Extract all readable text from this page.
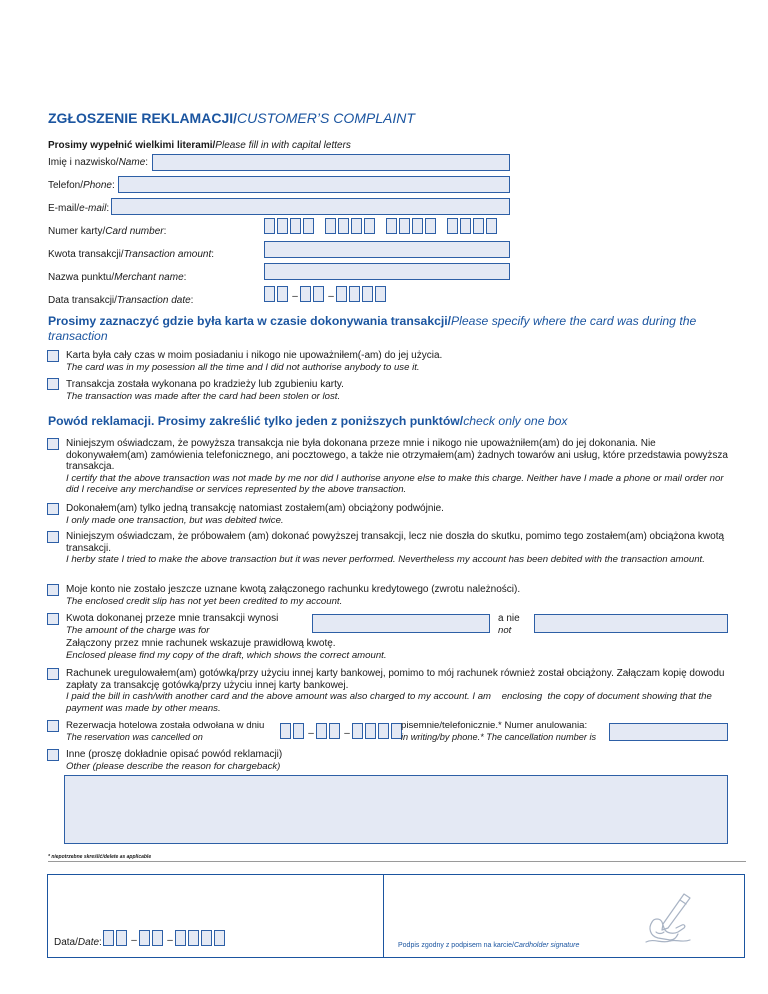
ZGŁOSZENIE REKLAMACJI/CUSTOMER’S COMPLAINT
Prosimy wypełnić wielkimi literami/Please fill in with capital letters
Imię i nazwisko/Name:
Telefon/Phone:
E-mail/e-mail:
Numer karty/Card number:
Kwota transakcji/Transaction amount:
Nazwa punktu/Merchant name:
Data transakcji/Transaction date:	–	–
Prosimy zaznaczyć gdzie była karta w czasie dokonywania transakcji/Please specify where the card was during the transaction
Karta była cały czas w moim posiadaniu i nikogo nie upoważniłem(-am) do jej użycia.
The card was in my posession all the time and I did not authorise anybody to use it.
Transakcja została wykonana po kradzieży lub zgubieniu karty.
The transaction was made after the card had been stolen or lost.
Powód reklamacji. Prosimy zakreślić tylko jeden z poniższych punktów/check only one box
Niniejszym oświadczam, że powyższa transakcja nie była dokonana przeze mnie i nikogo nie upoważniłem(am) do jej dokonania. Nie dokonywałem(am) zamówienia telefonicznego, ani pocztowego, a także nie otrzymałem(am) żadnych towarów ani usług, które przedstawia powyższa transakcja.
I certify that the above transaction was not made by me nor did I authorise anyone else to make this charge. Neither have I made a phone or mail order nor did I receive any merchandise or services represented by the above transaction.
Dokonałem(am) tylko jedną transakcję natomiast zostałem(am) obciążony podwójnie.
I only made one transaction, but was debited twice.
Niniejszym oświadczam, że próbowałem (am) dokonać powyższej transakcji, lecz nie doszła do skutku, pomimo tego zostałem(am) obciążona kwotą transakcji.
I herby state I tried to make the above transaction but it was never performed. Nevertheless my account has been debited with the transaction amount.
Moje konto nie zostało jeszcze uznane kwotą załączonego rachunku kredytowego (zwrotu należności).
The enclosed credit slip has not yet been credited to my account.
Kwota dokonanej przeze mnie transakcji wynosi
The amount of the charge was for
a nie
not
Załączony przez mnie rachunek wskazuje prawidłową kwotę.
Enclosed please find my copy of the draft, which shows the correct amount.
Rachunek uregulowałem(am) gotówką/przy użyciu innej karty bankowej, pomimo to mój rachunek również został obciążony. Załączam kopię dowodu zapłaty za transakcję gotówką/przy użyciu innej karty bankowej.
I paid the bill in cash/with another card and the above amount was also charged to my account. I am    enclosing  the copy of document showing that the payment was made by other means.
Rezerwacja hotelowa została odwołana w dniu
The reservation was cancelled on	–	–
pisemnie/telefonicznie.* Numer anulowania:
in writing/by phone.* The cancellation number is
Inne (proszę dokładnie opisać powód reklamacji)
Other (please describe the reason for chargeback)
* niepotrzebne skreślić/delete as applicable
Data/Date:	–	–	Podpis zgodny z podpisem na karcie/Cardholder signature
